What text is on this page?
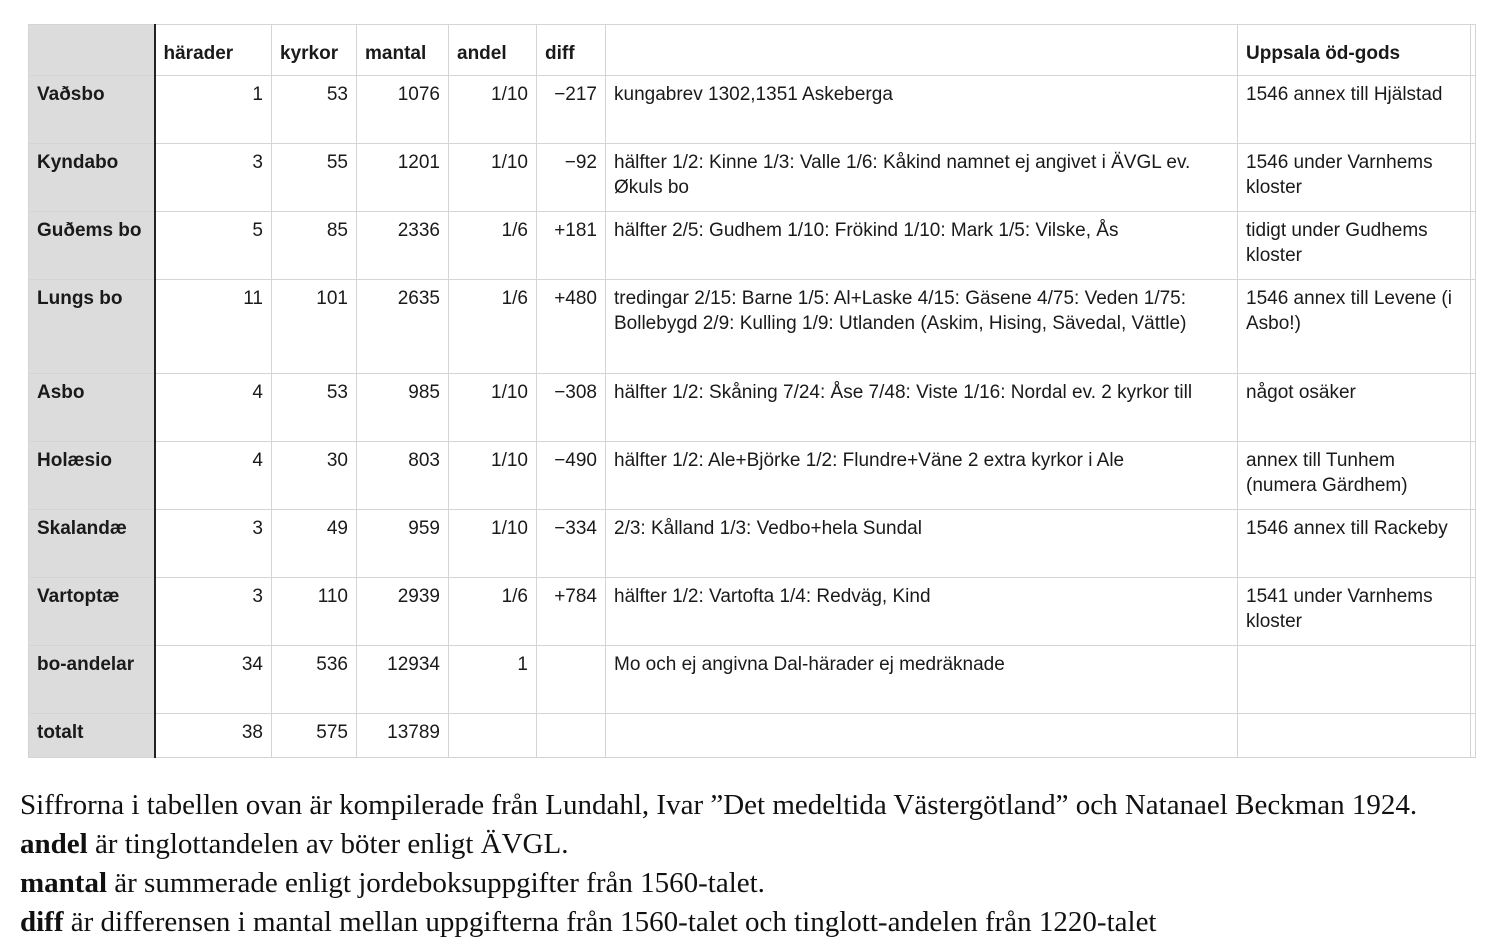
	härader	kyrkor	mantal	andel	diff		Uppsala öd-gods	
Vaðsbo	1	53	1076	1/10	−217	kungabrev 1302,1351 Askeberga	1546 annex till Hjälstad	
Kyndabo	3	55	1201	1/10	−92	hälfter 1/2: Kinne 1/3: Valle 1/6: Kåkind namnet ej angivet i ÄVGL ev. Økuls bo	1546 under Varnhems kloster	
Guðems bo	5	85	2336	1/6	+181	hälfter 2/5: Gudhem 1/10: Frökind 1/10: Mark 1/5: Vilske, Ås	tidigt under Gudhems kloster	
Lungs bo	11	101	2635	1/6	+480	tredingar 2/15: Barne 1/5: Al+Laske 4/15: Gäsene 4/75: Veden 1/75: Bollebygd 2/9: Kulling 1/9: Utlanden (Askim, Hising, Sävedal, Vättle)	1546 annex till Levene (i Asbo!)	
Asbo	4	53	985	1/10	−308	hälfter 1/2: Skåning 7/24: Åse 7/48: Viste 1/16: Nordal ev. 2 kyrkor till	något osäker	
Holæsio	4	30	803	1/10	−490	hälfter 1/2: Ale+Björke 1/2: Flundre+Väne 2 extra kyrkor i Ale	annex till Tunhem (numera Gärdhem)	
Skalandæ	3	49	959	1/10	−334	2/3: Kålland 1/3: Vedbo+hela Sundal	1546 annex till Rackeby	
Vartoptæ	3	110	2939	1/6	+784	hälfter 1/2: Vartofta 1/4: Redväg, Kind	1541 under Varnhems kloster	
bo-andelar	34	536	12934	1		Mo och ej angivna Dal-härader ej medräknade		
totalt	38	575	13789					

Siffrorna i tabellen ovan är kompilerade från Lundahl, Ivar ”Det medeltida Västergötland” och Natanael Beckman 1924. andel är tinglottandelen av böter enligt ÄVGL.

mantal är summerade enligt jordeboksuppgifter från 1560-talet.

diff är differensen i mantal mellan uppgifterna från 1560-talet och tinglott-andelen från 1220-talet
